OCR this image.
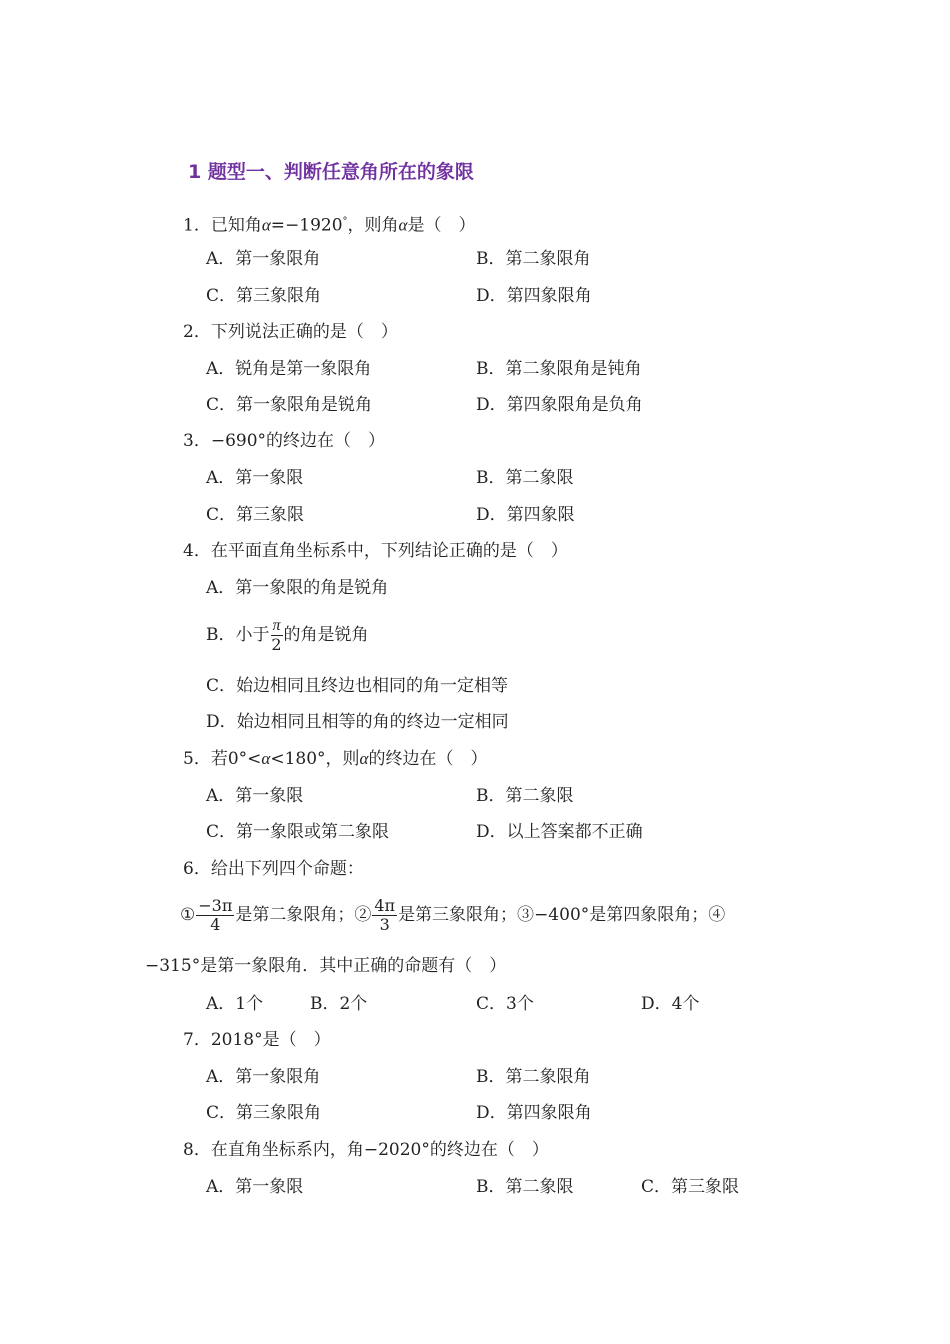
1 题型一、判断任意角所在的象限
1．已知角α=−1920°，则角α是（　）
A．第一象限角	B．第二象限角
C．第三象限角	D．第四象限角
2．下列说法正确的是（　）
A．锐角是第一象限角	B．第二象限角是钝角
C．第一象限角是锐角	D．第四象限角是负角
3．−690°的终边在（　）
A．第一象限	B．第二象限
C．第三象限	D．第四象限
4．在平面直角坐标系中，下列结论正确的是（　）
A．第一象限的角是锐角
B．小于 $\frac{\pi}{2}$ 的角是锐角
C．始边相同且终边也相同的角一定相等
D．始边相同且相等的角的终边一定相同
5．若0°<α<180°，则α的终边在（　）
A．第一象限	B．第二象限
C．第一象限或第二象限	D．以上答案都不正确
6．给出下列四个命题：
① $\frac{-3\pi}{4}$ 是第二象限角；② $\frac{4\pi}{3}$ 是第三象限角；③−400°是第四象限角；④
−315°是第一象限角．其中正确的命题有（　）
A．1个	B．2个	C．3个	D．4个
7．2018°是（　）
A．第一象限角	B．第二象限角
C．第三象限角	D．第四象限角
8．在直角坐标系内，角−2020°的终边在（　）
A．第一象限	B．第二象限	C．第三象限
